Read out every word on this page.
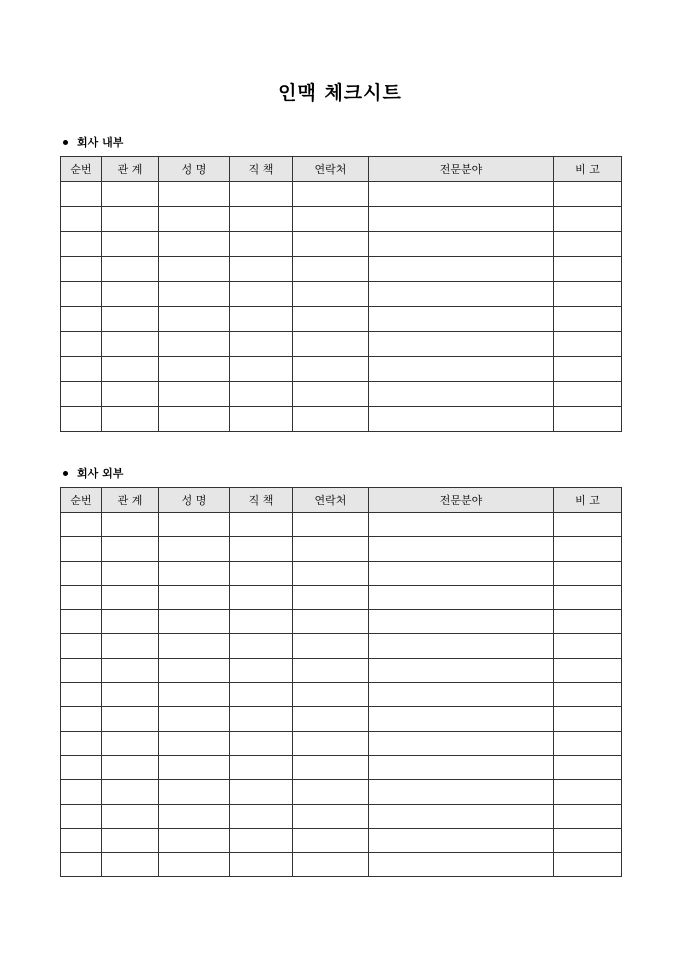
인맥 체크시트
회사 내부
순번	관 계	성 명	직 책	연락처	전문분야	비 고

회사 외부
순번	관 계	성 명	직 책	연락처	전문분야	비 고
